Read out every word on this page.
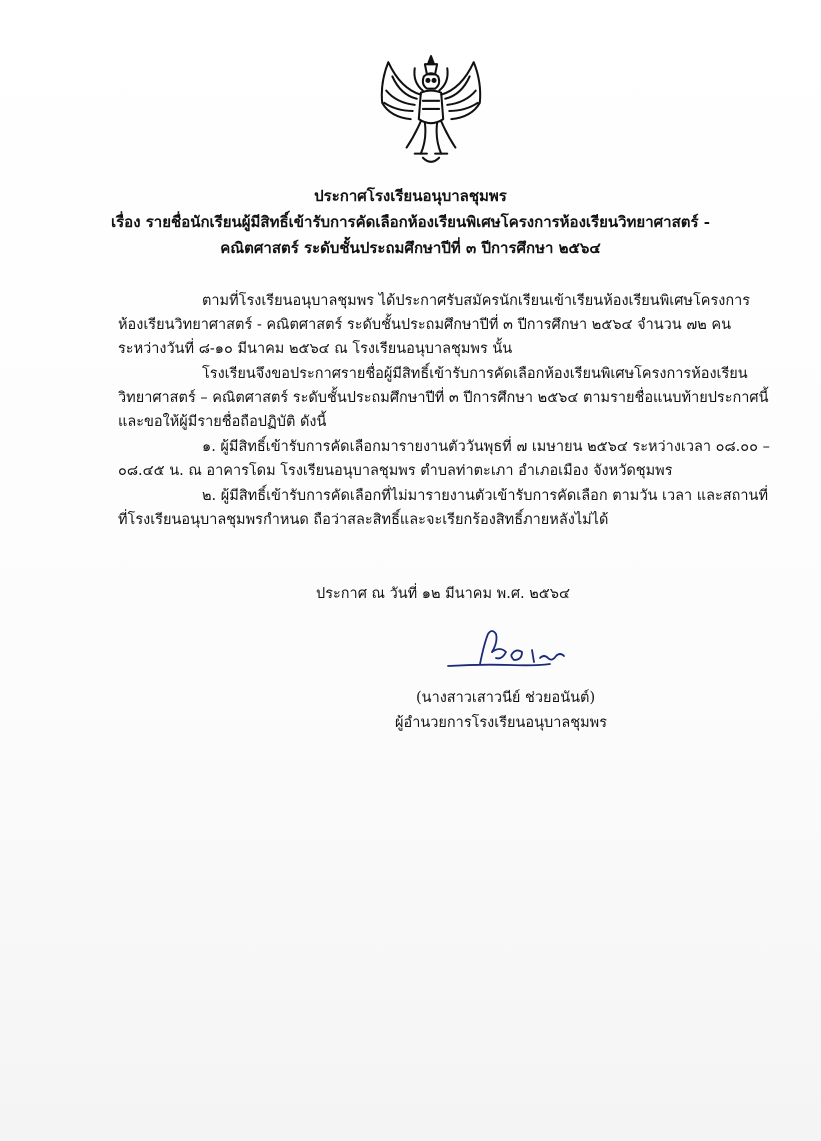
ประกาศโรงเรียนอนุบาลชุมพร
เรื่อง รายชื่อนักเรียนผู้มีสิทธิ์เข้ารับการคัดเลือกห้องเรียนพิเศษโครงการห้องเรียนวิทยาศาสตร์ -
คณิตศาสตร์ ระดับชั้นประถมศึกษาปีที่ ๓ ปีการศึกษา ๒๕๖๔
ตามที่โรงเรียนอนุบาลชุมพร ได้ประกาศรับสมัครนักเรียนเข้าเรียนห้องเรียนพิเศษโครงการ
ห้องเรียนวิทยาศาสตร์ - คณิตศาสตร์ ระดับชั้นประถมศึกษาปีที่ ๓ ปีการศึกษา ๒๕๖๔ จำนวน ๗๒ คน
ระหว่างวันที่ ๘-๑๐ มีนาคม ๒๕๖๔ ณ โรงเรียนอนุบาลชุมพร นั้น
โรงเรียนจึงขอประกาศรายชื่อผู้มีสิทธิ์เข้ารับการคัดเลือกห้องเรียนพิเศษโครงการห้องเรียน
วิทยาศาสตร์ – คณิตศาสตร์ ระดับชั้นประถมศึกษาปีที่ ๓ ปีการศึกษา ๒๕๖๔ ตามรายชื่อแนบท้ายประกาศนี้
และขอให้ผู้มีรายชื่อถือปฏิบัติ ดังนี้
๑. ผู้มีสิทธิ์เข้ารับการคัดเลือกมารายงานตัววันพุธที่ ๗ เมษายน ๒๕๖๔ ระหว่างเวลา ๐๘.๐๐ –
๐๘.๔๕ น. ณ อาคารโดม โรงเรียนอนุบาลชุมพร ตำบลท่าตะเภา อำเภอเมือง จังหวัดชุมพร
๒. ผู้มีสิทธิ์เข้ารับการคัดเลือกที่ไม่มารายงานตัวเข้ารับการคัดเลือก ตามวัน เวลา และสถานที่
ที่โรงเรียนอนุบาลชุมพรกำหนด ถือว่าสละสิทธิ์และจะเรียกร้องสิทธิ์ภายหลังไม่ได้
ประกาศ ณ วันที่ ๑๒ มีนาคม พ.ศ. ๒๕๖๔
(นางสาวเสาวนีย์ ช่วยอนันต์)
ผู้อำนวยการโรงเรียนอนุบาลชุมพร
